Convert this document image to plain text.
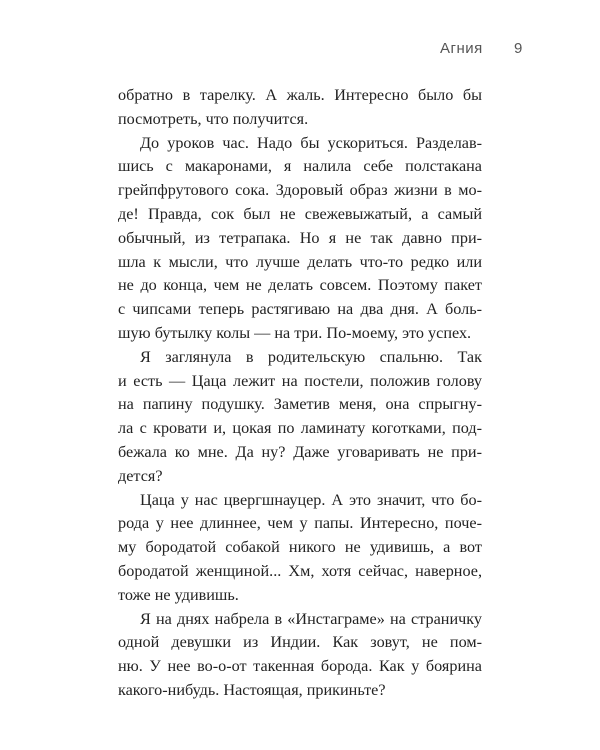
Агния 9
обратно в тарелку. А жаль. Интересно было бы
посмотреть, что получится.
До уроков час. Надо бы ускориться. Разделав-
шись с макаронами, я налила себе полстакана
грейпфрутового сока. Здоровый образ жизни в мо-
де! Правда, сок был не свежевыжатый, а самый
обычный, из тетрапака. Но я не так давно при-
шла к мысли, что лучше делать что-то редко или
не до конца, чем не делать совсем. Поэтому пакет
с чипсами теперь растягиваю на два дня. А боль-
шую бутылку колы — на три. По-моему, это успех.
Я заглянула в родительскую спальню. Так
и есть — Цаца лежит на постели, положив голову
на папину подушку. Заметив меня, она спрыгну-
ла с кровати и, цокая по ламинату коготками, под-
бежала ко мне. Да ну? Даже уговаривать не при-
дется?
Цаца у нас цвергшнауцер. А это значит, что бо-
рода у нее длиннее, чем у папы. Интересно, поче-
му бородатой собакой никого не удивишь, а вот
бородатой женщиной... Хм, хотя сейчас, наверное,
тоже не удивишь.
Я на днях набрела в «Инстаграме» на страничку
одной девушки из Индии. Как зовут, не пом-
ню. У нее во-о-от такенная борода. Как у боярина
какого-нибудь. Настоящая, прикиньте?
